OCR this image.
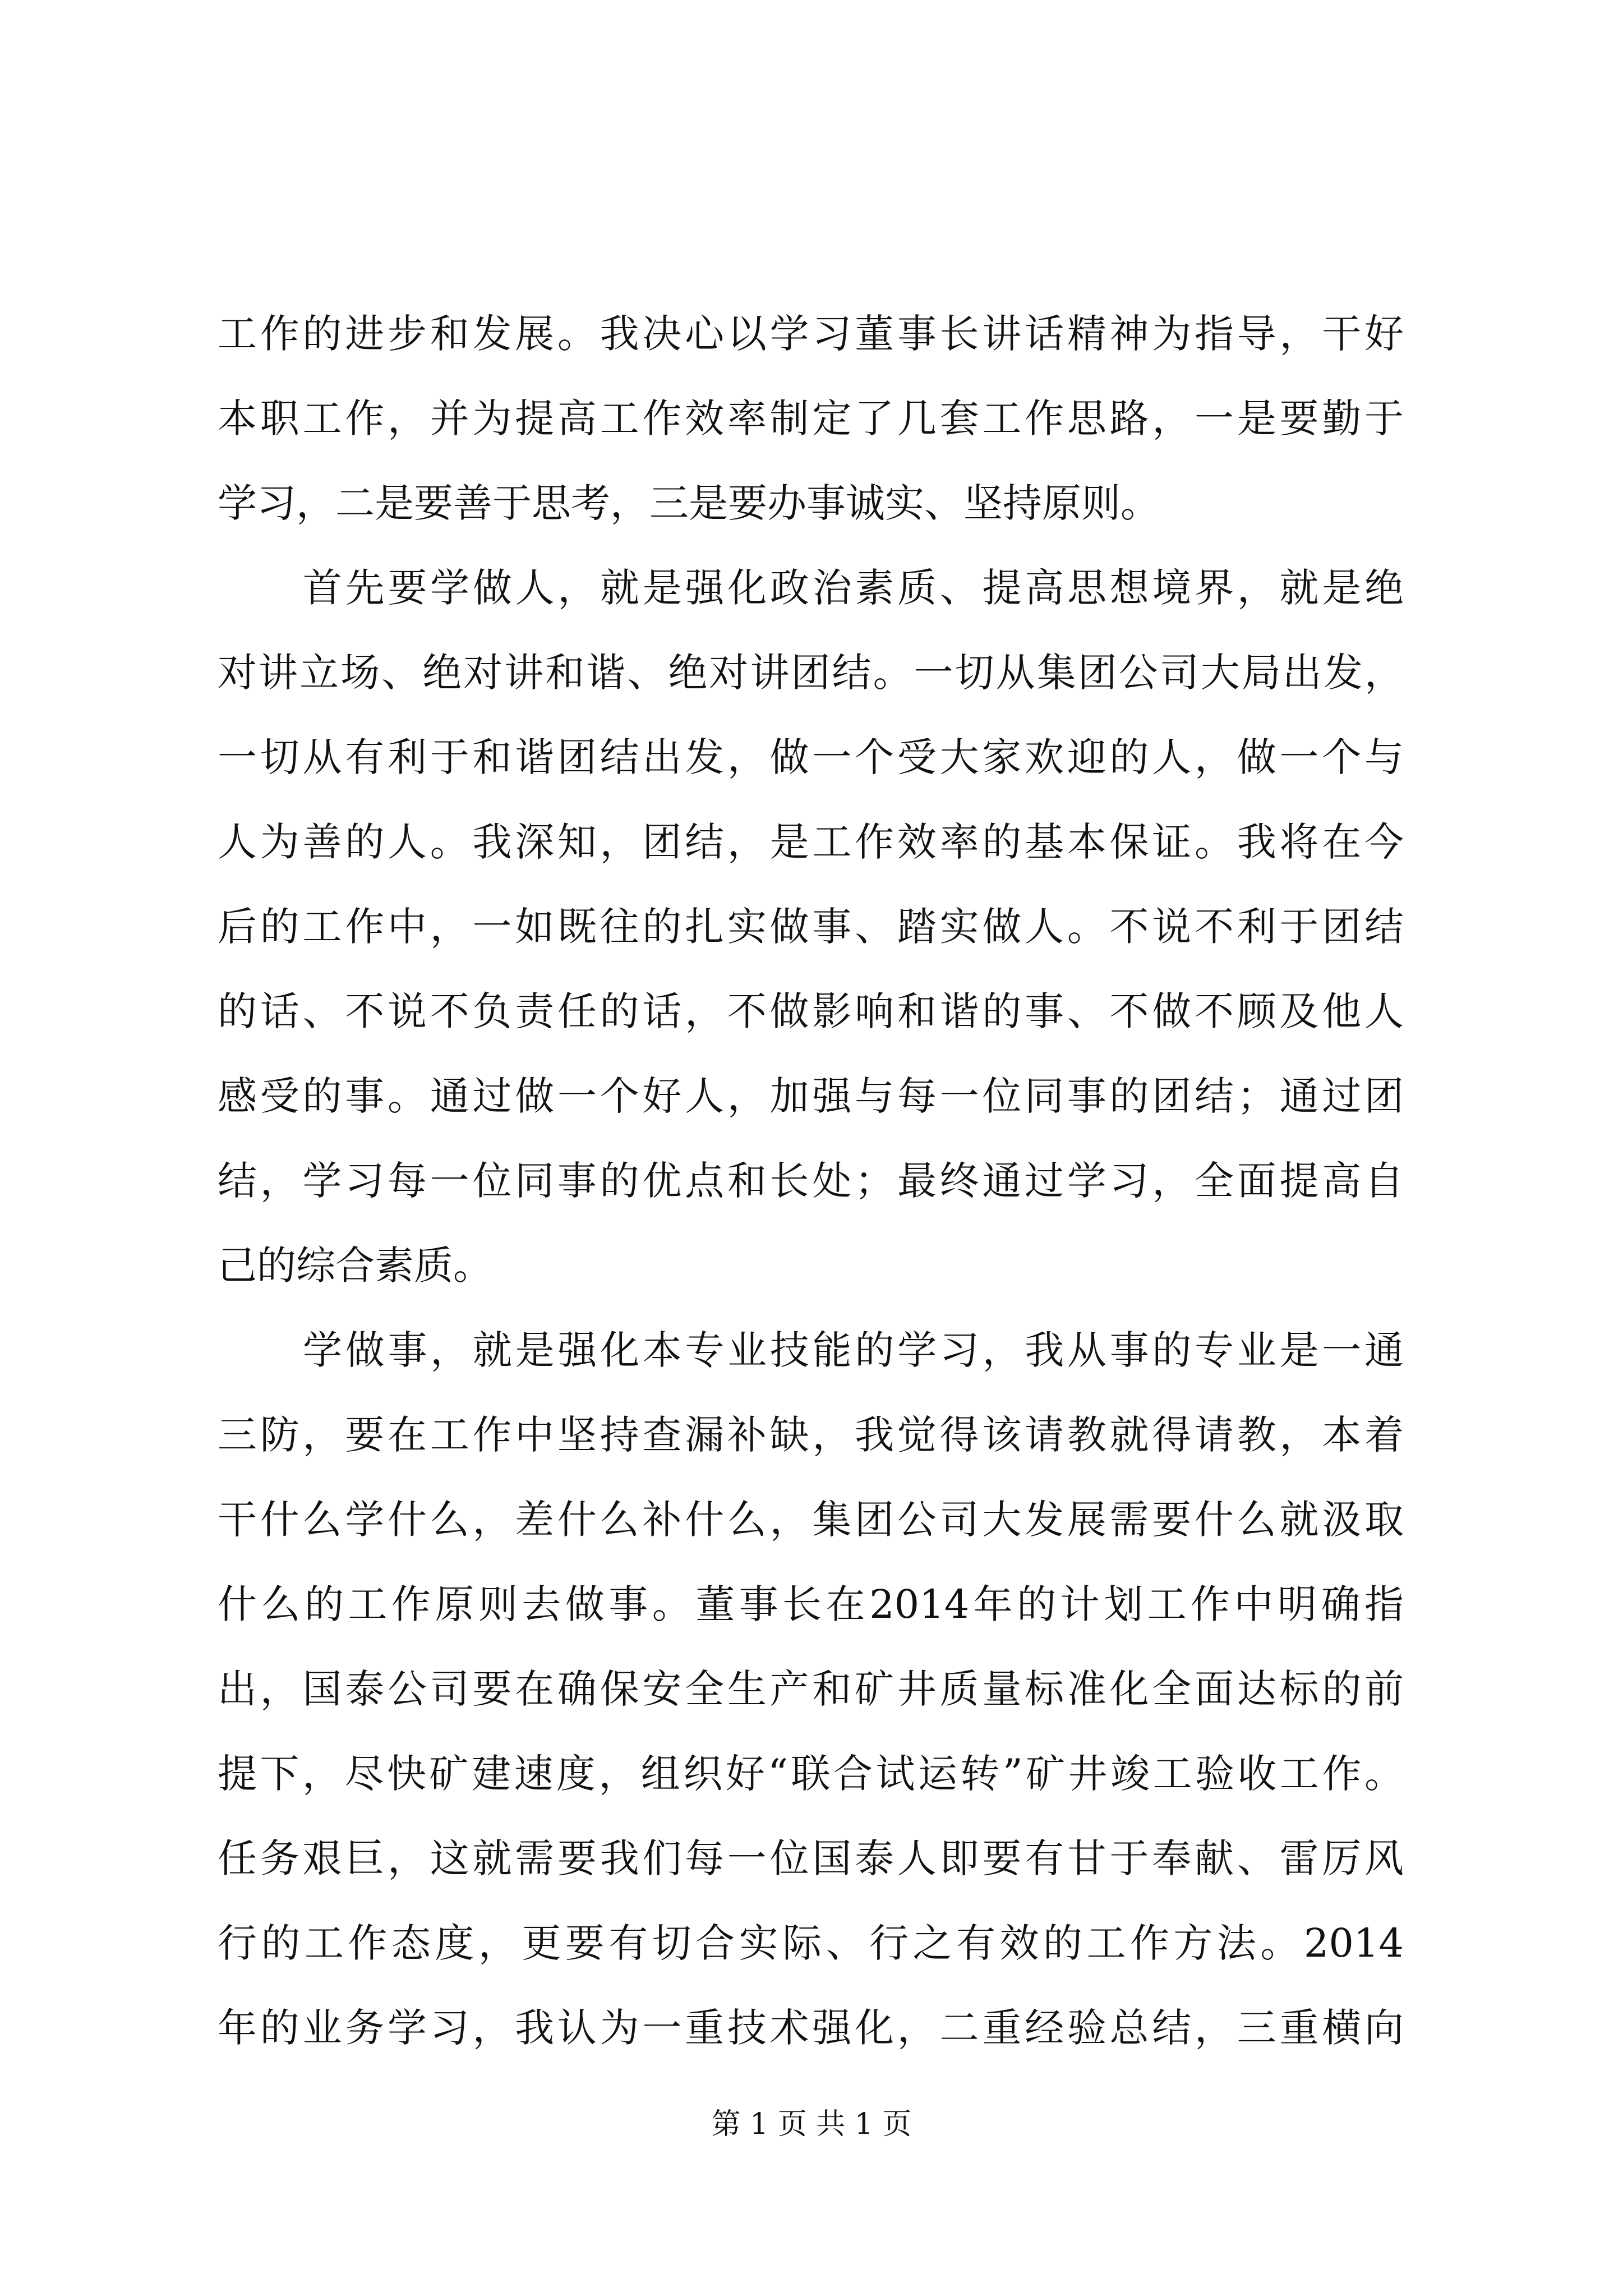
工作的进步和发展。我决心以学习董事长讲话精神为指导，干好
本职工作，并为提高工作效率制定了几套工作思路，一是要勤于
学习，二是要善于思考，三是要办事诚实、坚持原则。
首先要学做人，就是强化政治素质、提高思想境界，就是绝
对讲立场、绝对讲和谐、绝对讲团结。一切从集团公司大局出发，
一切从有利于和谐团结出发，做一个受大家欢迎的人，做一个与
人为善的人。我深知，团结，是工作效率的基本保证。我将在今
后的工作中，一如既往的扎实做事、踏实做人。不说不利于团结
的话、不说不负责任的话，不做影响和谐的事、不做不顾及他人
感受的事。通过做一个好人，加强与每一位同事的团结；通过团
结，学习每一位同事的优点和长处；最终通过学习，全面提高自
己的综合素质。
学做事，就是强化本专业技能的学习，我从事的专业是一通
三防，要在工作中坚持查漏补缺，我觉得该请教就得请教，本着
干什么学什么，差什么补什么，集团公司大发展需要什么就汲取
什么的工作原则去做事。董事长在2014年的计划工作中明确指
出，国泰公司要在确保安全生产和矿井质量标准化全面达标的前
提下，尽快矿建速度，组织好“联合试运转”矿井竣工验收工作。
任务艰巨，这就需要我们每一位国泰人即要有甘于奉献、雷厉风
行的工作态度，更要有切合实际、行之有效的工作方法。2014
年的业务学习，我认为一重技术强化，二重经验总结，三重横向
第 1 页 共 1 页
